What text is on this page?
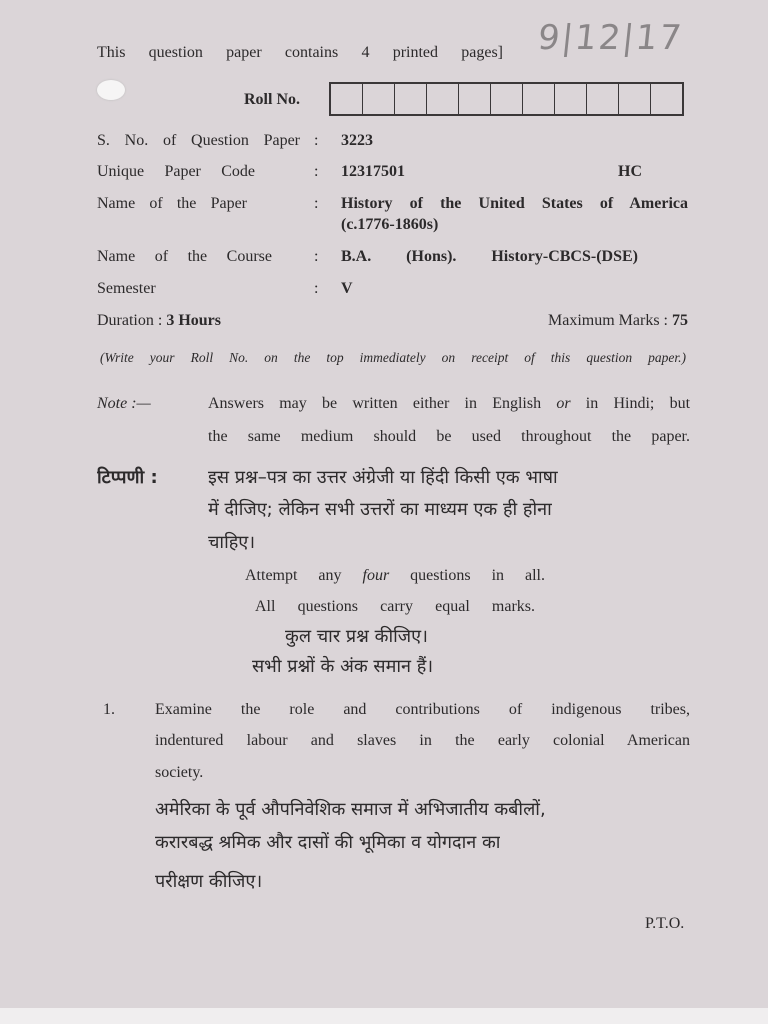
This question paper contains 4 printed pages] 9|12|17
Roll No.
S. No. of Question Paper : 3223
Unique Paper Code	: 12317501	HC
Name of the Paper	: History of the United States of America
(c.1776-1860s)
Name of the Course	: B.A. (Hons). History-CBCS-(DSE)
Semester	: V
Duration : 3 Hours	Maximum Marks : 75
(Write your Roll No. on the top immediately on receipt of this question paper.)
Note :—	Answers may be written either in English or in Hindi; but
the same medium should be used throughout the paper.
टिप्पणी :	इस प्रश्न–पत्र का उत्तर अंग्रेजी या हिंदी किसी एक भाषा
में दीजिए; लेकिन सभी उत्तरों का माध्यम एक ही होना
चाहिए।
Attempt any four questions in all.
All questions carry equal marks.
कुल चार प्रश्न कीजिए।
सभी प्रश्नों के अंक समान हैं।
1.	Examine the role and contributions of indigenous tribes,
indentured labour and slaves in the early colonial American
society.
अमेरिका के पूर्व औपनिवेशिक समाज में अभिजातीय कबीलों,
करारबद्ध श्रमिक और दासों की भूमिका व योगदान का
परीक्षण कीजिए।
P.T.O.
